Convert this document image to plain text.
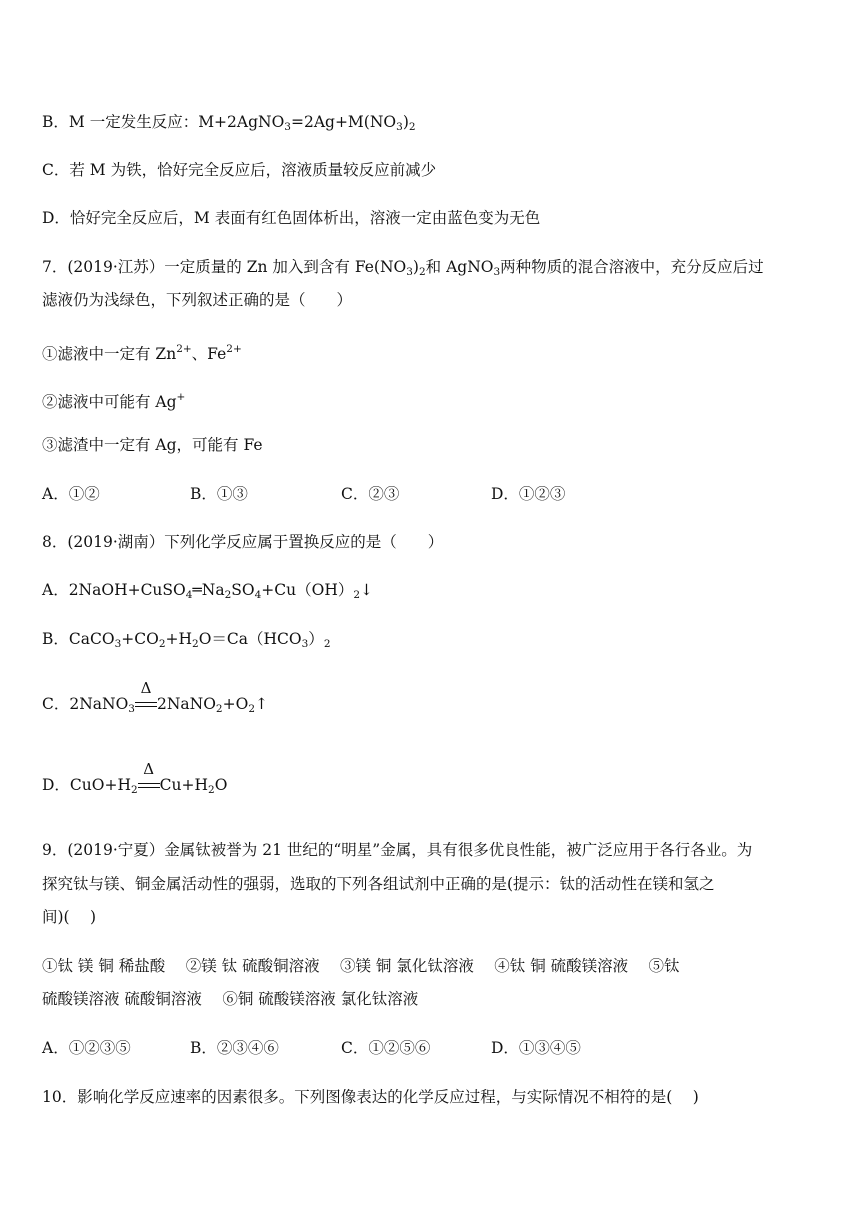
B．M 一定发生反应：$M+2AgNO_3=2Ag+M(NO_3)_2$
C．若 M 为铁，恰好完全反应后，溶液质量较反应前减少
D．恰好完全反应后，M 表面有红色固体析出，溶液一定由蓝色变为无色
7．(2019·江苏）一定质量的 Zn 加入到含有 $Fe(NO_3)_2$和 AgNO$_3$两种物质的混合溶液中，充分反应后过
滤液仍为浅绿色，下列叙述正确的是（　　）
①滤液中一定有 $Zn^{2+}$、$Fe^{2+}$
②滤液中可能有 Ag+
③滤渣中一定有 Ag，可能有 Fe
A．①②	B．①③	C．②③	D．①②③
8．(2019·湖南）下列化学反应属于置换反应的是（　　）
A．$2NaOH+CuSO_4═Na_2SO_4+Cu(OH)_2↓$
B．$CaCO_3+CO_2+H_2O=Ca(HCO_3)_2$
C．2NaNO$_3$
Δ
$2NaNO_2+O_2↑$
D．$CuO+H_2$
Δ
$Cu+H_2O$
9．(2019·宁夏）金属钛被誉为 21 世纪的“明星”金属，具有很多优良性能，被广泛应用于各行各业。为
探究钛与镁、铜金属活动性的强弱，选取的下列各组试剂中正确的是(提示：钛的活动性在镁和氢之
间)(　 )
①钛 镁 铜 稀盐酸　 ②镁 钛 硫酸铜溶液　 ③镁 铜 氯化钛溶液　 ④钛 铜 硫酸镁溶液　 ⑤钛
硫酸镁溶液 硫酸铜溶液　 ⑥铜 硫酸镁溶液 氯化钛溶液
A．①②③⑤	B．②③④⑥	C．①②⑤⑥	D．①③④⑤
10．影响化学反应速率的因素很多。下列图像表达的化学反应过程，与实际情况不相符的是(　 )
